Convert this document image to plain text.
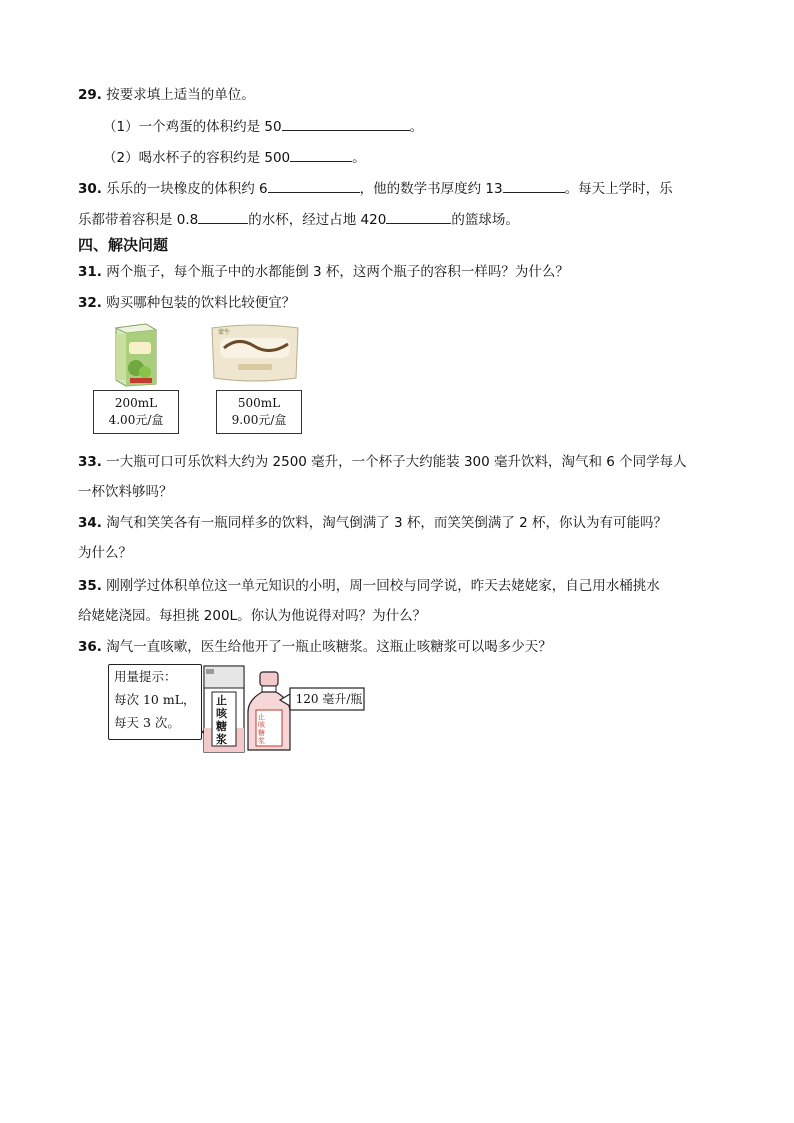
29. 按要求填上适当的单位。
（1）一个鸡蛋的体积约是 50	。
（2）喝水杯子的容积约是 500	。
30. 乐乐的一块橡皮的体积约 6	，他的数学书厚度约 13	。每天上学时，乐
乐都带着容积是 0.8	的水杯，经过占地 420	的篮球场。
四、解决问题
31. 两个瓶子，每个瓶子中的水都能倒 3 杯，这两个瓶子的容积一样吗？为什么？
32. 购买哪种包装的饮料比较便宜？
蒙牛
200mL
4.00元/盒
500mL
9.00元/盒
33. 一大瓶可口可乐饮料大约为 2500 毫升，一个杯子大约能装 300 毫升饮料，淘气和 6 个同学每人
一杯饮料够吗？
34. 淘气和笑笑各有一瓶同样多的饮料，淘气倒满了 3 杯，而笑笑倒满了 2 杯，你认为有可能吗？
为什么？
35. 刚刚学过体积单位这一单元知识的小明，周一回校与同学说，昨天去姥姥家，自己用水桶挑水
给姥姥浇园。每担挑 200L。你认为他说得对吗？为什么？
36. 淘气一直咳嗽，医生给他开了一瓶止咳糖浆。这瓶止咳糖浆可以喝多少天？
用量提示：
每次 10 mL，
每天 3 次。
止咳糖浆
止咳糖浆
120 毫升/瓶
